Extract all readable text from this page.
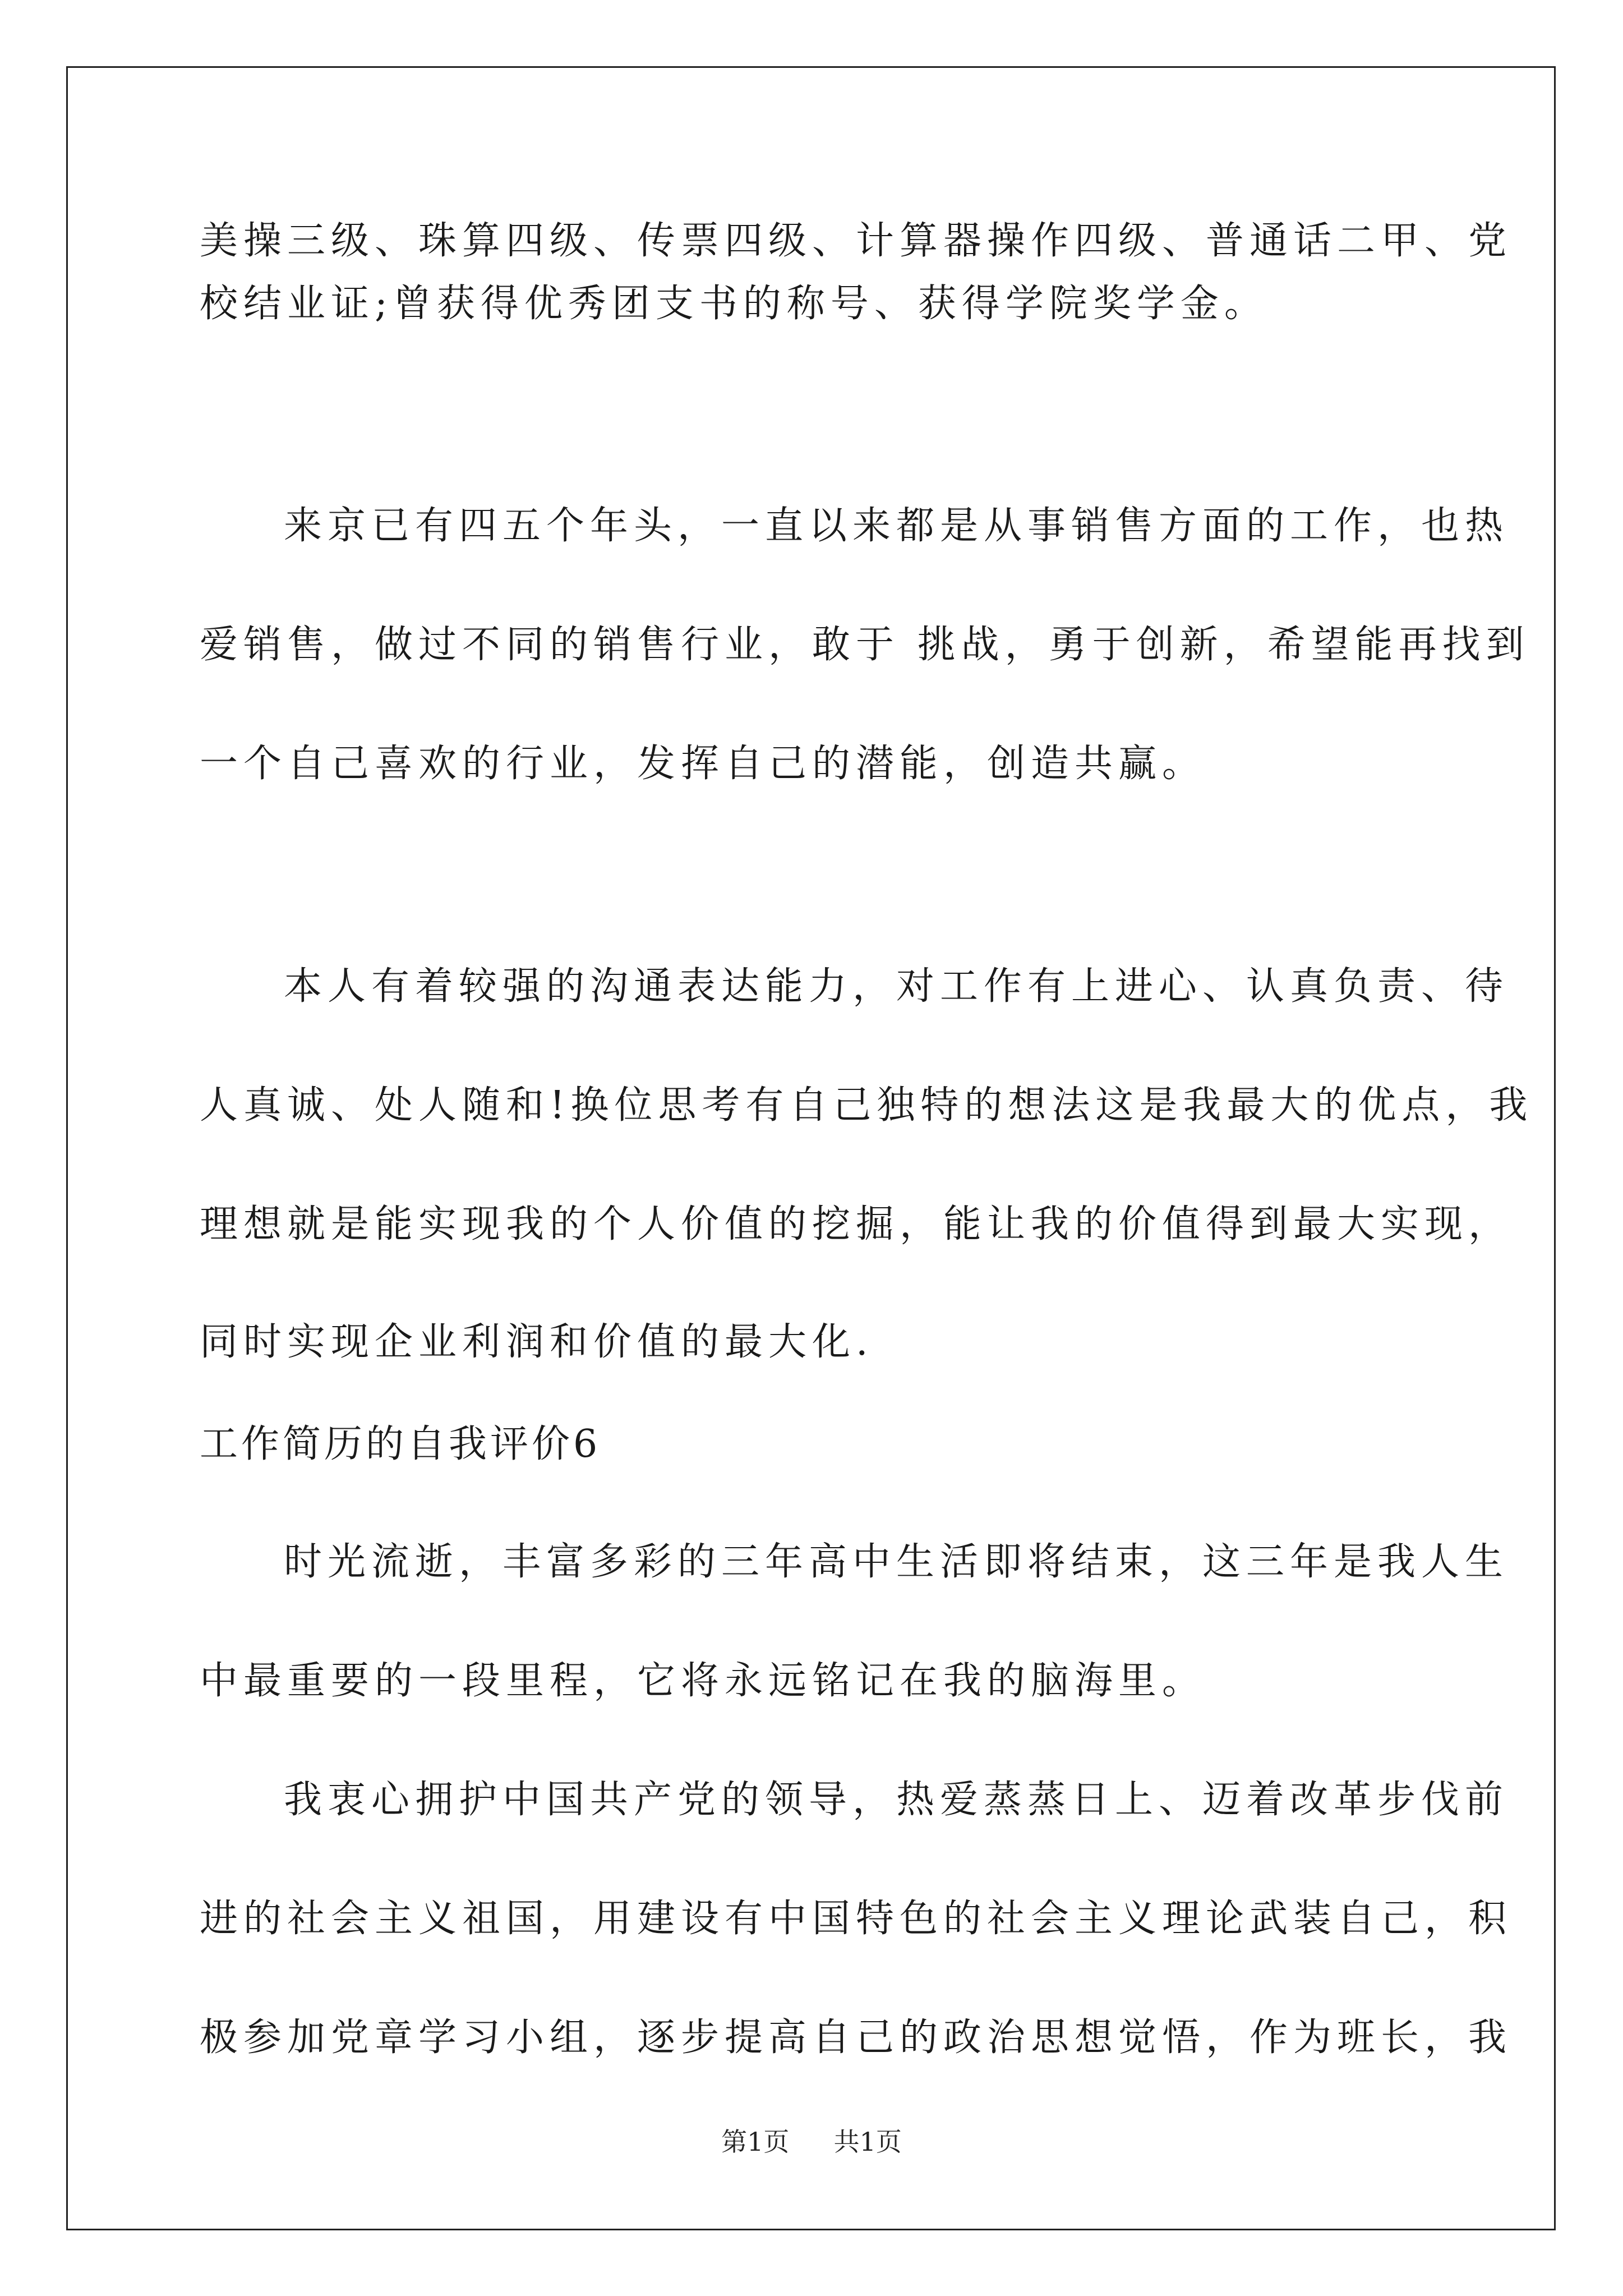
美操三级、珠算四级、传票四级、计算器操作四级、普通话二甲、党
校结业证;曾获得优秀团支书的称号、获得学院奖学金。
来京已有四五个年头，一直以来都是从事销售方面的工作，也热
爱销售，做过不同的销售行业，敢于 挑战，勇于创新，希望能再找到
一个自己喜欢的行业，发挥自己的潜能，创造共赢。
本人有着较强的沟通表达能力，对工作有上进心、认真负责、待
人真诚、处人随和!换位思考有自己独特的想法这是我最大的优点，我
理想就是能实现我的个人价值的挖掘，能让我的价值得到最大实现，
同时实现企业利润和价值的最大化.
工作简历的自我评价6
时光流逝，丰富多彩的三年高中生活即将结束，这三年是我人生
中最重要的一段里程，它将永远铭记在我的脑海里。
我衷心拥护中国共产党的领导，热爱蒸蒸日上、迈着改革步伐前
进的社会主义祖国，用建设有中国特色的社会主义理论武装自己，积
极参加党章学习小组，逐步提高自己的政治思想觉悟，作为班长，我
第1页 共1页
